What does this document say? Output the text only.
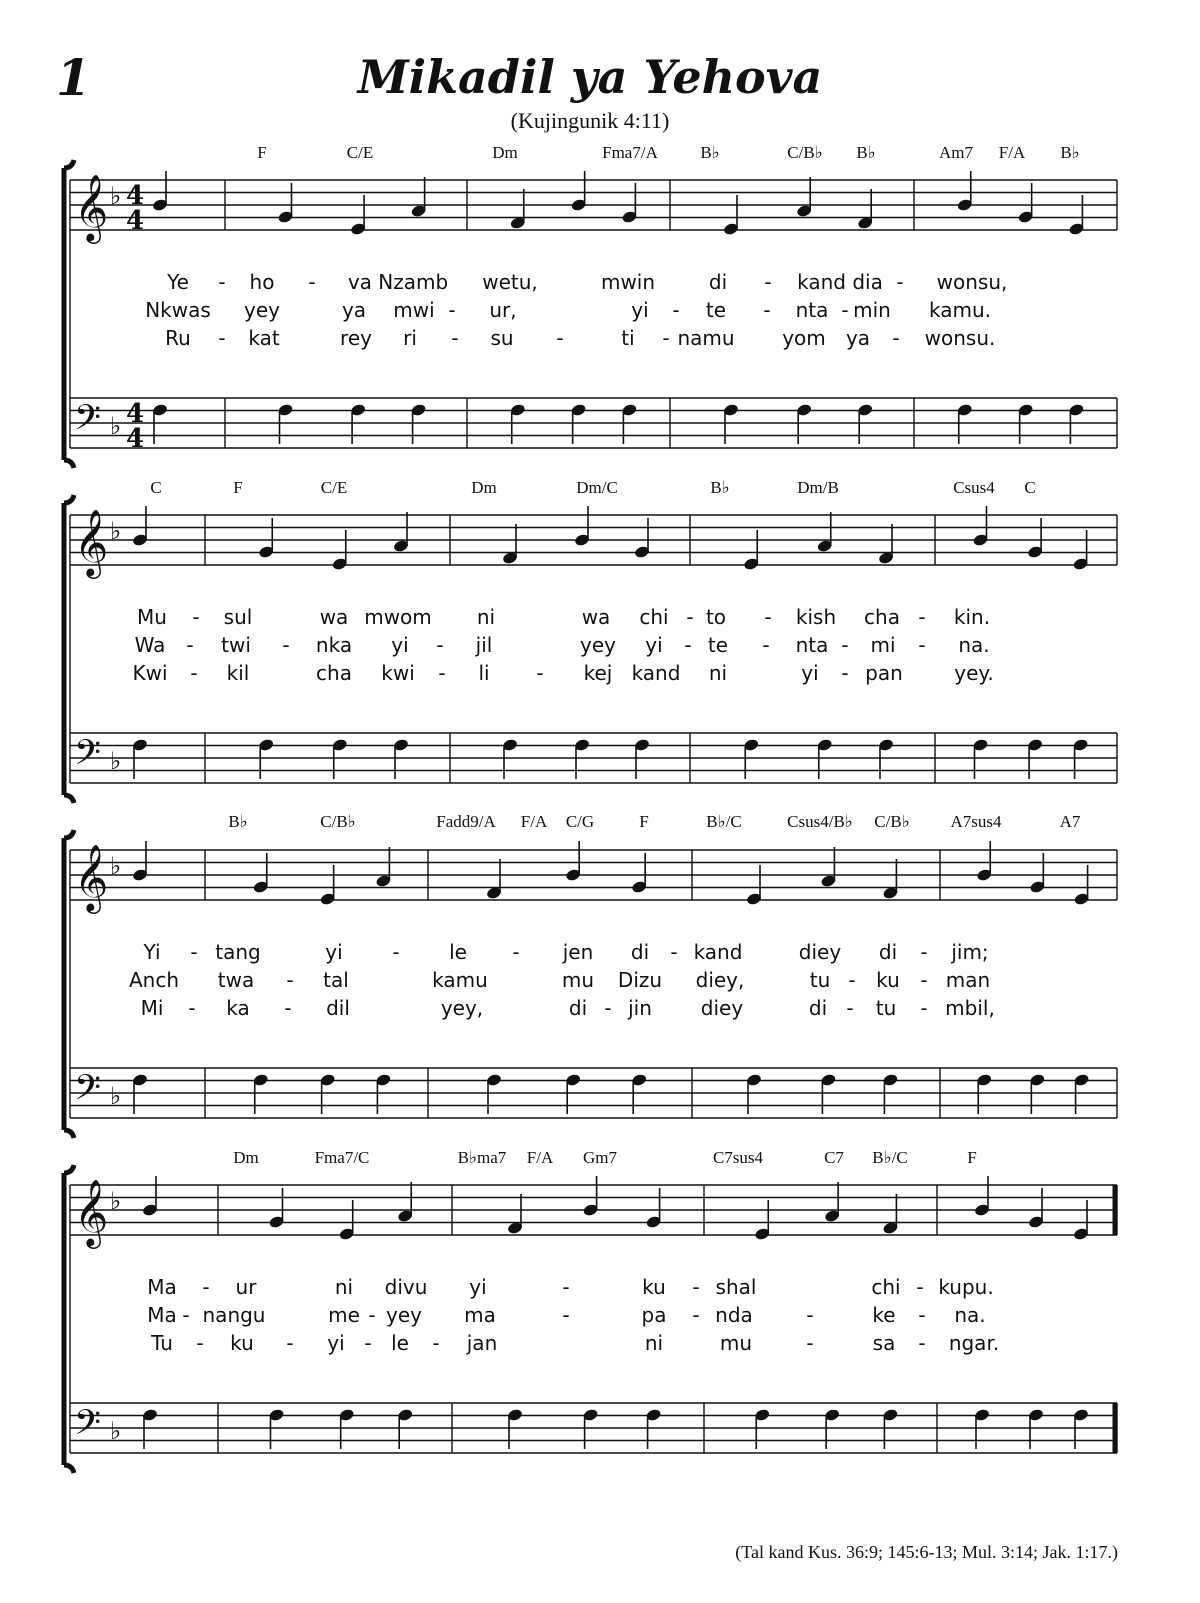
1	Mikadil ya Yehova
(Kujingunik 4:11)
𝄞 ♭ 4
4
𝄢 ♭ 4
4
𝄞 ♭
𝄢 ♭
𝄞 ♭
𝄢 ♭
𝄞 ♭
𝄢 ♭
F	C/E	Dm	Fma7/A B♭	C/B♭ B♭	Am7 F/A B♭
Ye - ho - va Nzamb wetu,	mwin	di - kand dia - wonsu,
Nkwas yey	ya mwi - ur,	yi - te - nta - min kamu.
Ru - kat	rey ri - su -	ti - namu yom ya - wonsu.
C	F	C/E	Dm	Dm/C	B♭	Dm/B	Csus4 C
Mu - sul	wa mwom ni	wa chi - to - kish cha - kin.
Wa - twi - nka yi - jil	yey yi - te - nta - mi - na.
Kwi - kil	cha kwi - li - kej kand ni	yi - pan	yey.
B♭	C/B♭	Fadd9/A F/A C/G	F	B♭/C	Csus4/B♭ C/B♭ A7sus4	A7
Yi - tang	yi - le - jen di - kand	diey di - jim;
Anch twa - tal	kamu	mu Dizu diey,	tu - ku - man
Mi - ka - dil	yey,	di - jin diey	di - tu - mbil,
Dm	Fma7/C	B♭ma7 F/A Gm7	C7sus4	C7 B♭/C	F
Ma - ur	ni divu yi	-	ku - shal	chi - kupu.
Ma - nangu	me - yey ma	-	pa - nda	-	ke - na.
Tu - ku - yi - le - jan	ni	mu	-	sa - ngar.
(Tal kand Kus. 36:9; 145:6-13; Mul. 3:14; Jak. 1:17.)
